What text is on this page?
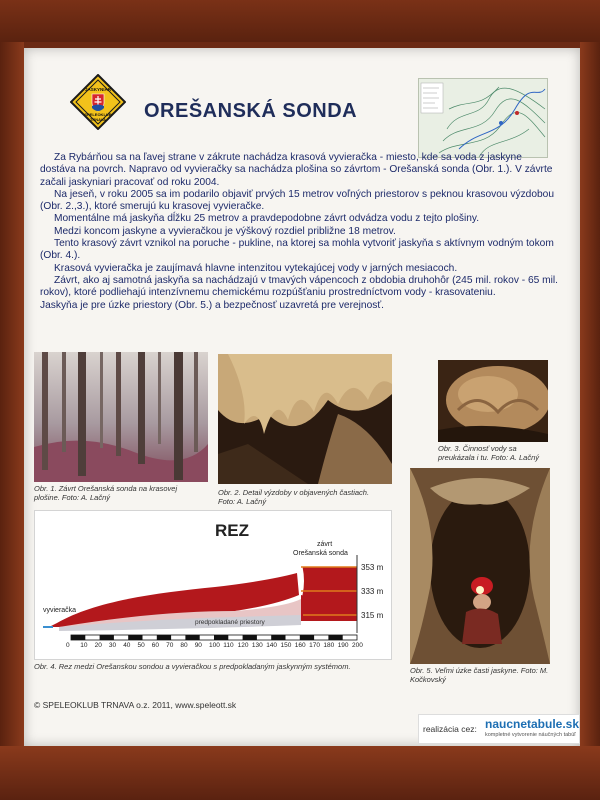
JASKYNIAR
SPELEOKLUB
TRNAVA OREŠANSKÁ SONDA

Za Rybárňou sa na ľavej strane v zákrute nachádza krasová vyvieračka - miesto, kde sa voda z jaskyne dostáva na povrch. Napravo od vyvieračky sa nachádza plošina so závrtom - Orešanská sonda (Obr. 1.). V závrte začali jaskyniari pracovať od roku 2004.

Na jeseň, v roku 2005 sa im podarilo objaviť prvých 15 metrov voľných priestorov s peknou krasovou výzdobou (Obr. 2.,3.), ktoré smerujú ku krasovej vyvieračke.

Momentálne má jaskyňa dĺžku 25 metrov a pravdepodobne závrt odvádza vodu z tejto plošiny.

Medzi koncom jaskyne a vyvieračkou je výškový rozdiel približne 18 metrov.

Tento krasový závrt vznikol na poruche - pukline, na ktorej sa mohla vytvoriť jaskyňa s aktívnym vodným tokom (Obr. 4.).

Krasová vyvieračka je zaujímavá hlavne intenzitou vytekajúcej vody v jarných mesiacoch.

Závrt, ako aj samotná jaskyňa sa nachádzajú v tmavých vápencoch z obdobia druhohôr (245 mil. rokov - 65 mil. rokov), ktoré podliehajú intenzívnemu chemickému rozpúšťaniu prostredníctvom vody - krasovateniu.

Jaskyňa je pre úzke priestory (Obr. 5.) a bezpečnosť uzavretá pre verejnosť.

Obr. 1. Závrt Orešanská sonda na krasovej plošine. Foto: A. Lačný
Obr. 2. Detail výzdoby v objavených častiach. Foto: A. Lačný
Obr. 3. Činnosť vody sa preukázala i tu. Foto: A. Lačný
Obr. 5. Veľmi úzke časti jaskyne. Foto: M. Kočkovský
REZ
závrt
Orešanská sonda
vyvieračka
predpokladané priestory
353 m
333 m
315 m
0 10 20 30 40 50 60 70 80 90 100 110 120 130 140 150 160 170 180 190 200
Obr. 4. Rez medzi Orešanskou sondou a vyvieračkou s predpokladaným jaskynným systémom.
© SPELEOKLUB TRNAVA o.z. 2011, www.speleott.sk
realizácia cez: naucnetabule.sk
kompletné vytvorenie náučných tabúľ
